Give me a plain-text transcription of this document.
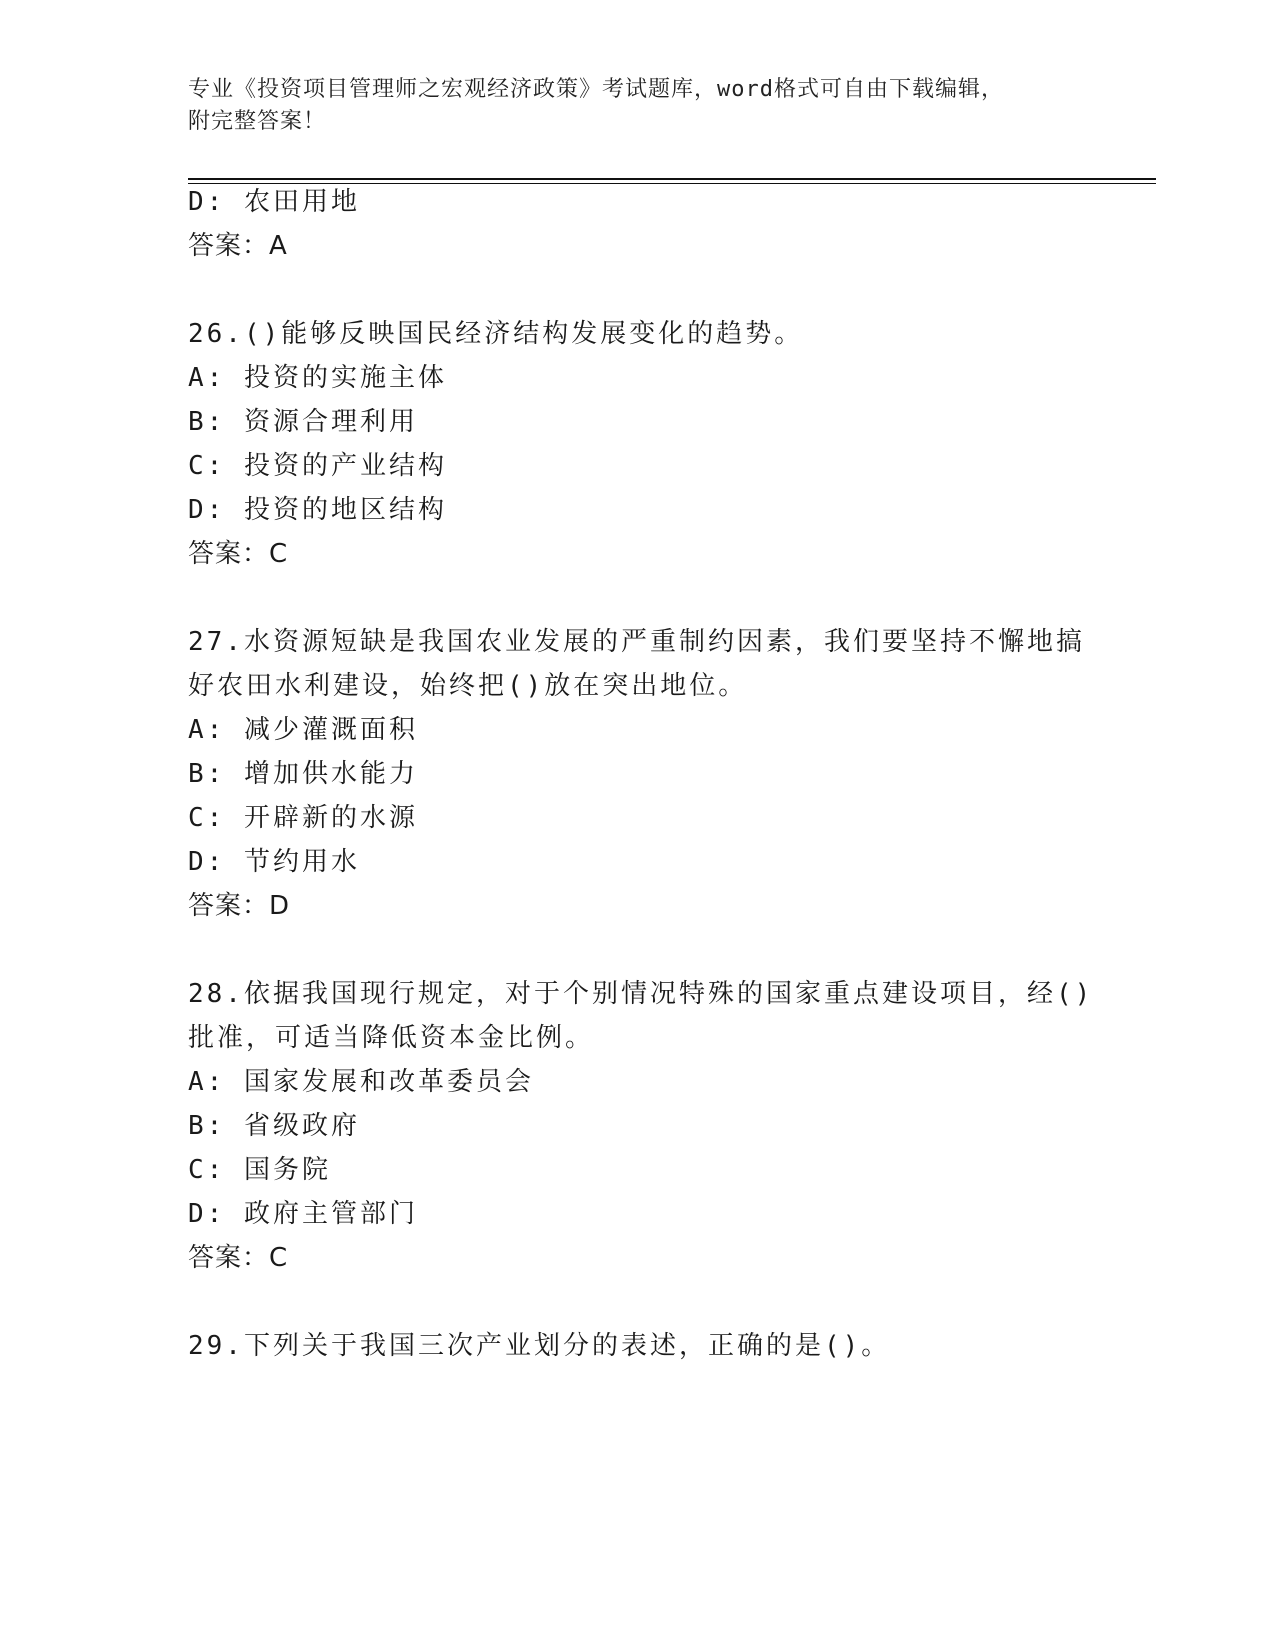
专业《投资项目管理师之宏观经济政策》考试题库，word格式可自由下载编辑，
附完整答案！
D: 农田用地
答案：A
26.()能够反映国民经济结构发展变化的趋势。
A: 投资的实施主体
B: 资源合理利用
C: 投资的产业结构
D: 投资的地区结构
答案：C
27.水资源短缺是我国农业发展的严重制约因素，我们要坚持不懈地搞
好农田水利建设，始终把()放在突出地位。
A: 减少灌溉面积
B: 增加供水能力
C: 开辟新的水源
D: 节约用水
答案：D
28.依据我国现行规定，对于个别情况特殊的国家重点建设项目，经()
批准，可适当降低资本金比例。
A: 国家发展和改革委员会
B: 省级政府
C: 国务院
D: 政府主管部门
答案：C
29.下列关于我国三次产业划分的表述，正确的是()。
